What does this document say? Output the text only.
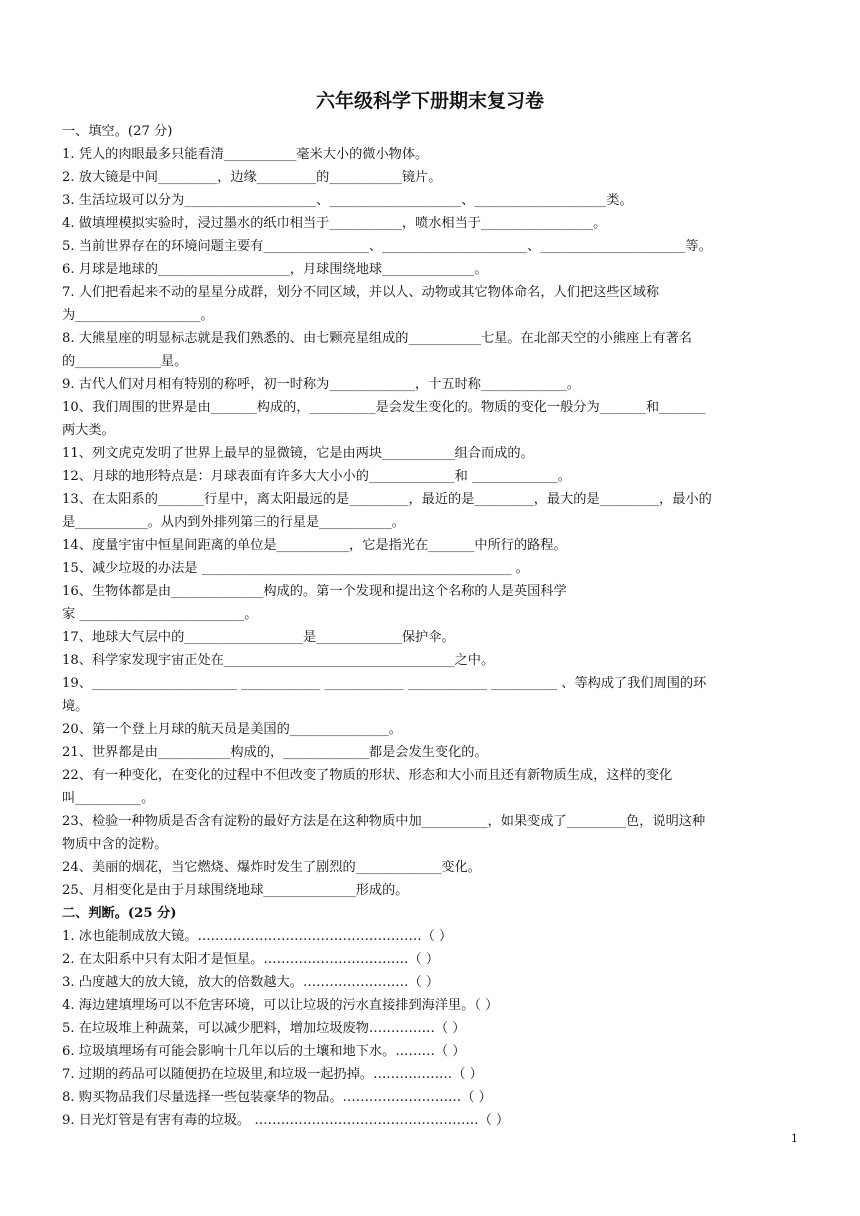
六年级科学下册期末复习卷
一、填空。(27 分)
1. 凭人的肉眼最多只能看清___________毫米大小的微小物体。
2. 放大镜是中间_________，边缘_________的___________镜片。
3. 生活垃圾可以分为____________________、____________________、____________________类。
4. 做填埋模拟实验时，浸过墨水的纸巾相当于___________，喷水相当于_________________。
5. 当前世界存在的环境问题主要有________________、______________________、______________________等。
6. 月球是地球的____________________，月球围绕地球______________。
7. 人们把看起来不动的星星分成群，划分不同区域，并以人、动物或其它物体命名，人们把这些区域称
为___________________。
8. 大熊星座的明显标志就是我们熟悉的、由七颗亮星组成的___________七星。在北部天空的小熊座上有著名
的_____________星。
9. 古代人们对月相有特别的称呼，初一时称为_____________，十五时称_____________。
10、我们周围的世界是由_______构成的，__________是会发生变化的。物质的变化一般分为_______和_______
两大类。
11、列文虎克发明了世界上最早的显微镜，它是由两块___________组合而成的。
12、月球的地形特点是：月球表面有许多大大小小的_____________和 _____________。
13、在太阳系的_______行星中，离太阳最远的是_________，最近的是_________，最大的是_________，最小的
是___________。从内到外排列第三的行星是___________。
14、度量宇宙中恒星间距离的单位是___________，它是指光在_______中所行的路程。
15、减少垃圾的办法是 _______________________________________________ 。
16、生物体都是由______________构成的。第一个发现和提出这个名称的人是英国科学
家 _________________________。
17、地球大气层中的__________________是_____________保护伞。
18、科学家发现宇宙正处在___________________________________之中。
19、______________________ ____________ ____________ ____________ __________ 、等构成了我们周围的环
境。
20、第一个登上月球的航天员是美国的_______________。
21、世界都是由___________构成的，_____________都是会发生变化的。
22、有一种变化，在变化的过程中不但改变了物质的形状、形态和大小而且还有新物质生成，这样的变化
叫__________。
23、检验一种物质是否含有淀粉的最好方法是在这种物质中加__________，如果变成了_________色，说明这种
物质中含的淀粉。
24、美丽的烟花，当它燃烧、爆炸时发生了剧烈的_____________变化。
25、月相变化是由于月球围绕地球______________形成的。
二、判断。(25 分)
1. 冰也能制成放大镜。……………………………………………（ ）
2. 在太阳系中只有太阳才是恒星。……………………………（ ）
3. 凸度越大的放大镜，放大的倍数越大。……………………（ ）
4. 海边建填埋场可以不危害环境，可以让垃圾的污水直接排到海洋里。（ ）
5. 在垃圾堆上种蔬菜，可以减少肥料，增加垃圾废物……………（ ）
6. 垃圾填埋场有可能会影响十几年以后的土壤和地下水。………（ ）
7. 过期的药品可以随便扔在垃圾里,和垃圾一起扔掉。………………（ ）
8. 购买物品我们尽量选择一些包装豪华的物品。………………………（ ）
9. 日光灯管是有害有毒的垃圾。 ……………………………………………（ ）
1
